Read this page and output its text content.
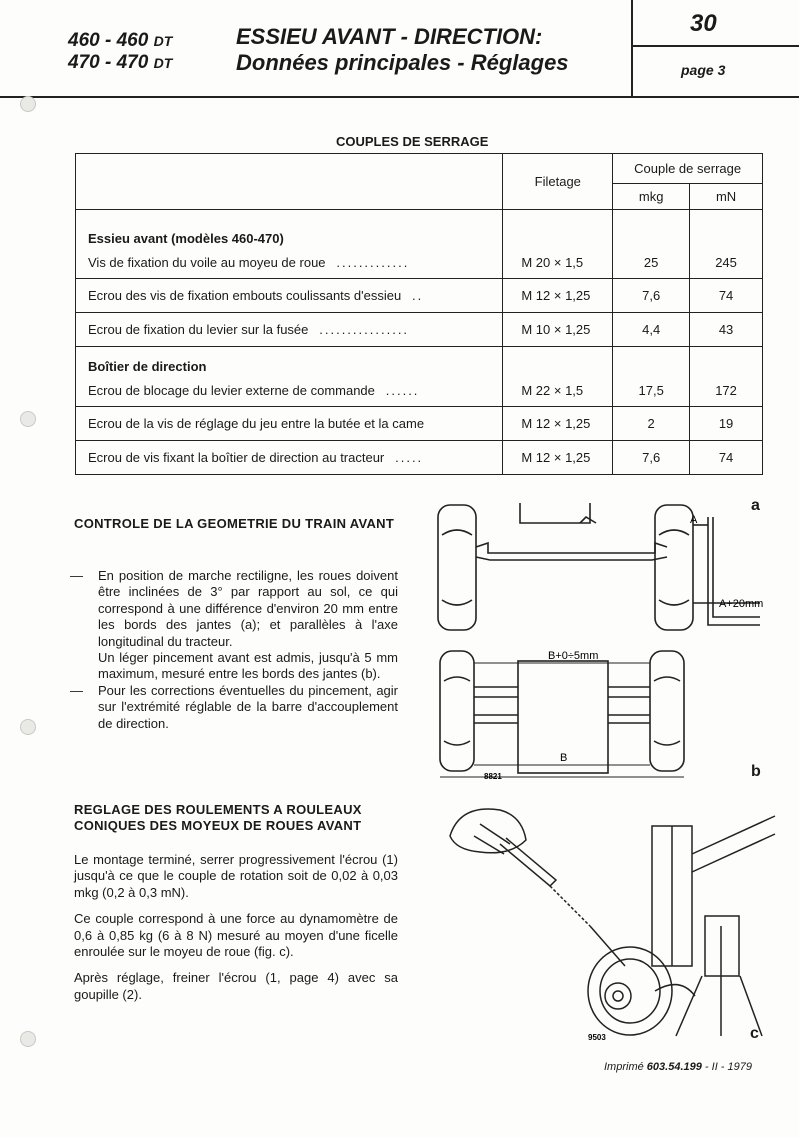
460 - 460 DT
470 - 470 DT
ESSIEU AVANT - DIRECTION:
Données principales - Réglages
30
page 3
COUPLES DE SERRAGE
	Filetage	Couple de serrage	
		mkg	mN

Essieu avant (modèles 460-470)
Vis de fixation du voile au moyeu de roue .............	M 20 × 1,5	25	245
Ecrou des vis de fixation embouts coulissants d'essieu ..	M 12 × 1,25	7,6	74
Ecrou de fixation du levier sur la fusée ................	M 10 × 1,25	4,4	43

Boîtier de direction
Ecrou de blocage du levier externe de commande ......	M 22 × 1,5	17,5	172
Ecrou de la vis de réglage du jeu entre la butée et la came	M 12 × 1,25	2	19
Ecrou de vis fixant la boîtier de direction au tracteur .....	M 12 × 1,25	7,6	74
CONTROLE DE LA GEOMETRIE DU TRAIN AVANT
— En position de marche rectiligne, les roues doivent être inclinées de 3° par rapport au sol, ce qui correspond à une différence d'environ 20 mm entre les bords des jantes (a); et parallèles à l'axe longitudinal du tracteur.
Un léger pincement avant est admis, jusqu'à 5 mm maximum, mesuré entre les bords des jantes (b).
— Pour les corrections éventuelles du pincement, agir sur l'extrémité réglable de la barre d'accouplement de direction.
REGLAGE DES ROULEMENTS A ROULEAUX CONIQUES DES MOYEUX DE ROUES AVANT
Le montage terminé, serrer progressivement l'écrou (1) jusqu'à ce que le couple de rotation soit de 0,02 à 0,03 mkg (0,2 à 0,3 mN).
Ce couple correspond à une force au dynamomètre de 0,6 à 0,85 kg (6 à 8 N) mesuré au moyen d'une ficelle enroulée sur le moyeu de roue (fig. c).
Après réglage, freiner l'écrou (1, page 4) avec sa goupille (2).
A
A+20mm
a
B+0÷5mm
B
8821	b
9503	c
Imprimé 603.54.199 - II - 1979
